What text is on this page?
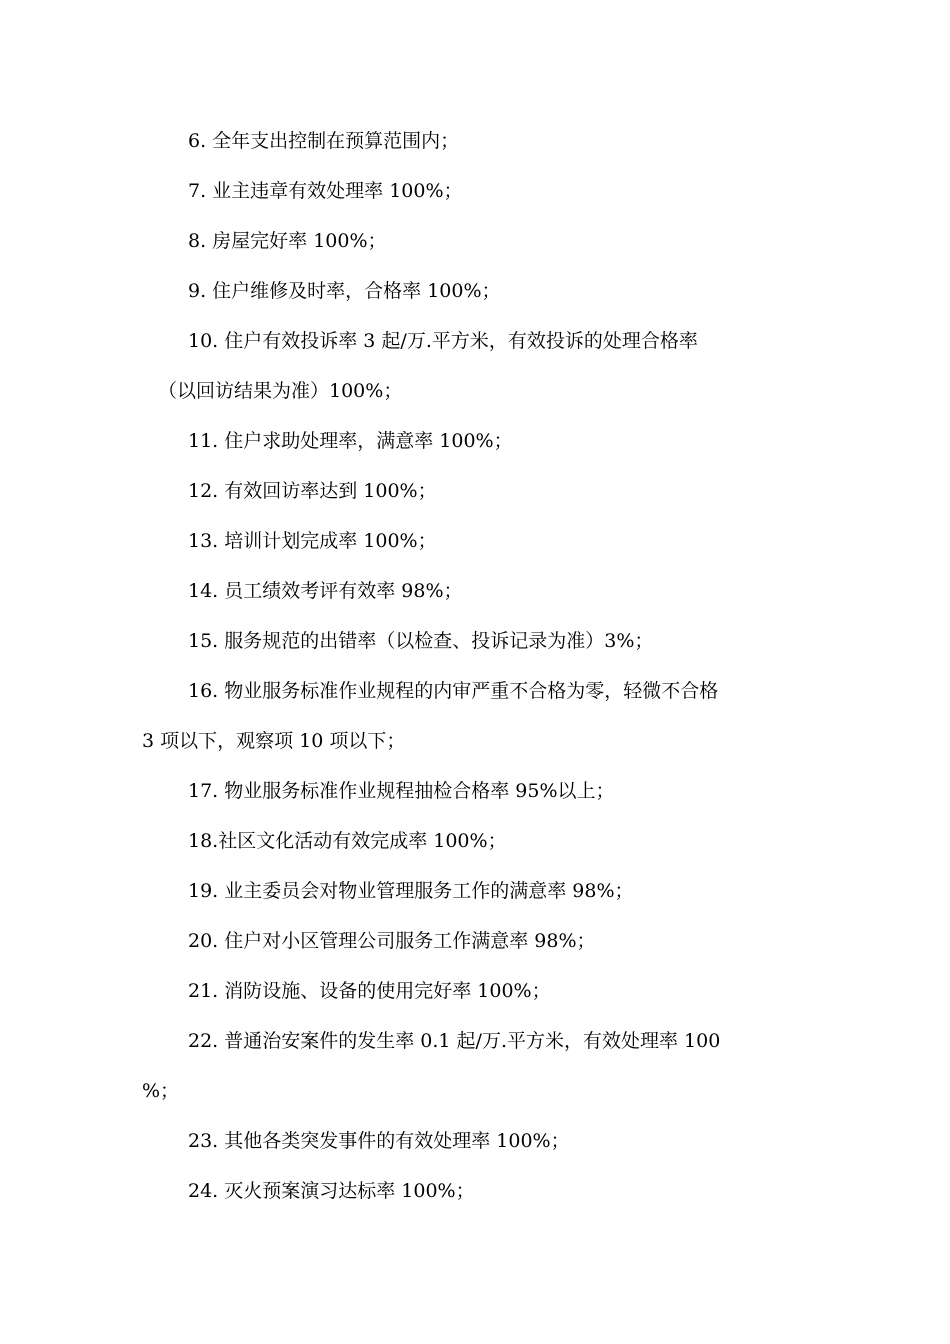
6. 全年支出控制在预算范围内；
7. 业主违章有效处理率 100%；
8. 房屋完好率 100%；
9. 住户维修及时率，合格率 100%；
10. 住户有效投诉率 3 起/万.平方米，有效投诉的处理合格率
（以回访结果为准）100%；
11. 住户求助处理率，满意率 100%；
12. 有效回访率达到 100%；
13. 培训计划完成率 100%；
14. 员工绩效考评有效率 98%；
15. 服务规范的出错率（以检查、投诉记录为准）3%；
16. 物业服务标准作业规程的内审严重不合格为零，轻微不合格
3 项以下，观察项 10 项以下；
17. 物业服务标准作业规程抽检合格率 95%以上；
18.社区文化活动有效完成率 100%；
19. 业主委员会对物业管理服务工作的满意率 98%；
20. 住户对小区管理公司服务工作满意率 98%；
21. 消防设施、设备的使用完好率 100%；
22. 普通治安案件的发生率 0.1 起/万.平方米，有效处理率 100
%；
23. 其他各类突发事件的有效处理率 100%；
24. 灭火预案演习达标率 100%；
